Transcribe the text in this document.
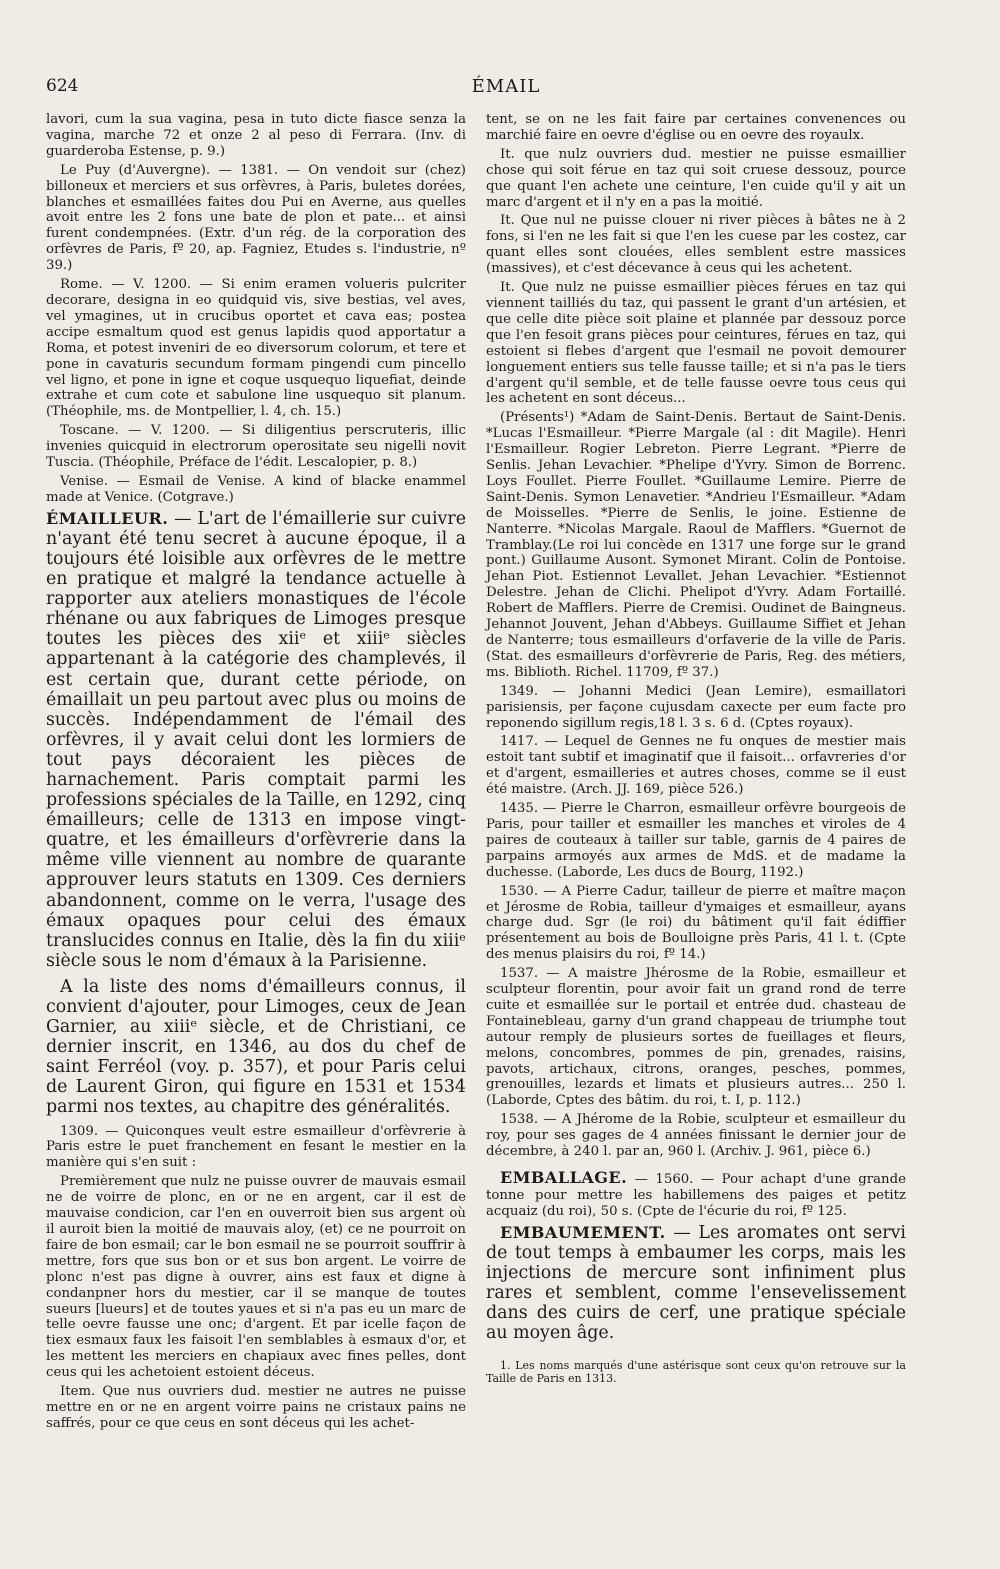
624	ÉMAIL

lavori, cum la sua vagina, pesa in tuto dicte fiasce senza la vagina, marche 72 et onze 2 al peso di Ferrara. (Inv. di guarderoba Estense, p. 9.)

Le Puy (d'Auvergne). — 1381. — On vendoit sur (chez) billoneux et merciers et sus orfèvres, à Paris, buletes dorées, blanches et esmaillées faites dou Pui en Averne, aus quelles avoit entre les 2 fons une bate de plon et pate... et ainsi furent condempnées. (Extr. d'un rég. de la corporation des orfèvres de Paris, fº 20, ap. Fagniez, Etudes s. l'industrie, nº 39.)

Rome. — V. 1200. — Si enim eramen volueris pulcriter decorare, designa in eo quidquid vis, sive bestias, vel aves, vel ymagines, ut in crucibus oportet et cava eas; postea accipe esmaltum quod est genus lapidis quod apportatur a Roma, et potest inveniri de eo diversorum colorum, et tere et pone in cavaturis secundum formam pingendi cum pincello vel ligno, et pone in igne et coque usquequo liquefiat, deinde extrahe et cum cote et sabulone line usquequo sit planum. (Théophile, ms. de Montpellier, l. 4, ch. 15.)

Toscane. — V. 1200. — Si diligentius perscruteris, illic invenies quicquid in electrorum operositate seu nigelli novit Tuscia. (Théophile, Préface de l'édit. Lescalopier, p. 8.)

Venise. — Esmail de Venise. A kind of blacke enammel made at Venice. (Cotgrave.)

ÉMAILLEUR. — L'art de l'émaillerie sur cuivre n'ayant été tenu secret à aucune époque, il a toujours été loisible aux orfèvres de le mettre en pratique et malgré la tendance actuelle à rapporter aux ateliers monastiques de l'école rhénane ou aux fabriques de Limoges presque toutes les pièces des xiiᵉ et xiiiᵉ siècles appartenant à la catégorie des champlevés, il est certain que, durant cette période, on émaillait un peu partout avec plus ou moins de succès. Indépendamment de l'émail des orfèvres, il y avait celui dont les lormiers de tout pays décoraient les pièces de harnachement. Paris comptait parmi les professions spéciales de la Taille, en 1292, cinq émailleurs; celle de 1313 en impose vingt-quatre, et les émailleurs d'orfèvrerie dans la même ville viennent au nombre de quarante approuver leurs statuts en 1309. Ces derniers abandonnent, comme on le verra, l'usage des émaux opaques pour celui des émaux translucides connus en Italie, dès la fin du xiiiᵉ siècle sous le nom d'émaux à la Parisienne.

A la liste des noms d'émailleurs connus, il convient d'ajouter, pour Limoges, ceux de Jean Garnier, au xiiiᵉ siècle, et de Christiani, ce dernier inscrit, en 1346, au dos du chef de saint Ferréol (voy. p. 357), et pour Paris celui de Laurent Giron, qui figure en 1531 et 1534 parmi nos textes, au chapitre des généralités.

1309. — Quiconques veult estre esmailleur d'orfèvrerie à Paris estre le puet franchement en fesant le mestier en la manière qui s'en suit :

Premièrement que nulz ne puisse ouvrer de mauvais esmail ne de voirre de plonc, en or ne en argent, car il est de mauvaise condicion, car l'en en ouverroit bien sus argent où il auroit bien la moitié de mauvais aloy, (et) ce ne pourroit on faire de bon esmail; car le bon esmail ne se pourroit souffrir à mettre, fors que sus bon or et sus bon argent. Le voirre de plonc n'est pas digne à ouvrer, ains est faux et digne à condanpner hors du mestier, car il se manque de toutes sueurs [lueurs] et de toutes yaues et si n'a pas eu un marc de telle oevre fausse une onc; d'argent. Et par icelle façon de tiex esmaux faux les faisoit l'en semblables à esmaux d'or, et les mettent les merciers en chapiaux avec fines pelles, dont ceus qui les achetoient estoient déceus.

Item. Que nus ouvriers dud. mestier ne autres ne puisse mettre en or ne en argent voirre pains ne cristaux pains ne saffrés, pour ce que ceus en sont déceus qui les achet-

tent, se on ne les fait faire par certaines convenences ou marchié faire en oevre d'église ou en oevre des royaulx.

It. que nulz ouvriers dud. mestier ne puisse esmaillier chose qui soit férue en taz qui soit cruese dessouz, pource que quant l'en achete une ceinture, l'en cuide qu'il y ait un marc d'argent et il n'y en a pas la moitié.

It. Que nul ne puisse clouer ni river pièces à bâtes ne à 2 fons, si l'en ne les fait si que l'en les cuese par les costez, car quant elles sont clouées, elles semblent estre massices (massives), et c'est décevance à ceus qui les achetent.

It. Que nulz ne puisse esmaillier pièces férues en taz qui viennent tailliés du taz, qui passent le grant d'un artésien, et que celle dite pièce soit plaine et plannée par dessouz porce que l'en fesoit grans pièces pour ceintures, férues en taz, qui estoient si flebes d'argent que l'esmail ne povoit demourer longuement entiers sus telle fausse taille; et si n'a pas le tiers d'argent qu'il semble, et de telle fausse oevre tous ceus qui les achetent en sont déceus...

(Présents¹) *Adam de Saint-Denis. Bertaut de Saint-Denis. *Lucas l'Esmailleur. *Pierre Margale (al : dit Magile). Henri l'Esmailleur. Rogier Lebreton. Pierre Legrant. *Pierre de Senlis. Jehan Levachier. *Phelipe d'Yvry. Simon de Borrenc. Loys Foullet. Pierre Foullet. *Guillaume Lemire. Pierre de Saint-Denis. Symon Lenavetier. *Andrieu l'Esmailleur. *Adam de Moisselles. *Pierre de Senlis, le joine. Estienne de Nanterre. *Nicolas Margale. Raoul de Mafflers. *Guernot de Tramblay.(Le roi lui concède en 1317 une forge sur le grand pont.) Guillaume Ausont. Symonet Mirant. Colin de Pontoise. Jehan Piot. Estiennot Levallet. Jehan Levachier. *Estiennot Delestre. Jehan de Clichi. Phelipot d'Yvry. Adam Fortaillé. Robert de Mafflers. Pierre de Cremisi. Oudinet de Baingneus. Jehannot Jouvent, Jehan d'Abbeys. Guillaume Siffiet et Jehan de Nanterre; tous esmailleurs d'orfaverie de la ville de Paris. (Stat. des esmailleurs d'orfèvrerie de Paris, Reg. des métiers, ms. Biblioth. Richel. 11709, fº 37.)

1349. — Johanni Medici (Jean Lemire), esmaillatori parisiensis, per façone cujusdam caxecte per eum facte pro reponendo sigillum regis,18 l. 3 s. 6 d. (Cptes royaux).

1417. — Lequel de Gennes ne fu onques de mestier mais estoit tant subtif et imaginatif que il faisoit... orfavreries d'or et d'argent, esmailleries et autres choses, comme se il eust été maistre. (Arch. JJ. 169, pièce 526.)

1435. — Pierre le Charron, esmailleur orfèvre bourgeois de Paris, pour tailler et esmailler les manches et viroles de 4 paires de couteaux à tailler sur table, garnis de 4 paires de parpains armoyés aux armes de MdS. et de madame la duchesse. (Laborde, Les ducs de Bourg, 1192.)

1530. — A Pierre Cadur, tailleur de pierre et maître maçon et Jérosme de Robia, tailleur d'ymaiges et esmailleur, ayans charge dud. Sgr (le roi) du bâtiment qu'il fait édiffier présentement au bois de Boulloigne près Paris, 41 l. t. (Cpte des menus plaisirs du roi, fº 14.)

1537. — A maistre Jhérosme de la Robie, esmailleur et sculpteur florentin, pour avoir fait un grand rond de terre cuite et esmaillée sur le portail et entrée dud. chasteau de Fontainebleau, garny d'un grand chappeau de triumphe tout autour remply de plusieurs sortes de fueillages et fleurs, melons, concombres, pommes de pin, grenades, raisins, pavots, artichaux, citrons, oranges, pesches, pommes, grenouilles, lezards et limats et plusieurs autres... 250 l. (Laborde, Cptes des bâtim. du roi, t. I, p. 112.)

1538. — A Jhérome de la Robie, sculpteur et esmailleur du roy, pour ses gages de 4 années finissant le dernier jour de décembre, à 240 l. par an, 960 l. (Archiv. J. 961, pièce 6.)

EMBALLAGE. — 1560. — Pour achapt d'une grande tonne pour mettre les habillemens des paiges et petitz acquaiz (du roi), 50 s. (Cpte de l'écurie du roi, fº 125.

EMBAUMEMENT. — Les aromates ont servi de tout temps à embaumer les corps, mais les injections de mercure sont infiniment plus rares et semblent, comme l'ensevelissement dans des cuirs de cerf, une pratique spéciale au moyen âge.

1. Les noms marqués d'une astérisque sont ceux qu'on retrouve sur la Taille de Paris en 1313.
